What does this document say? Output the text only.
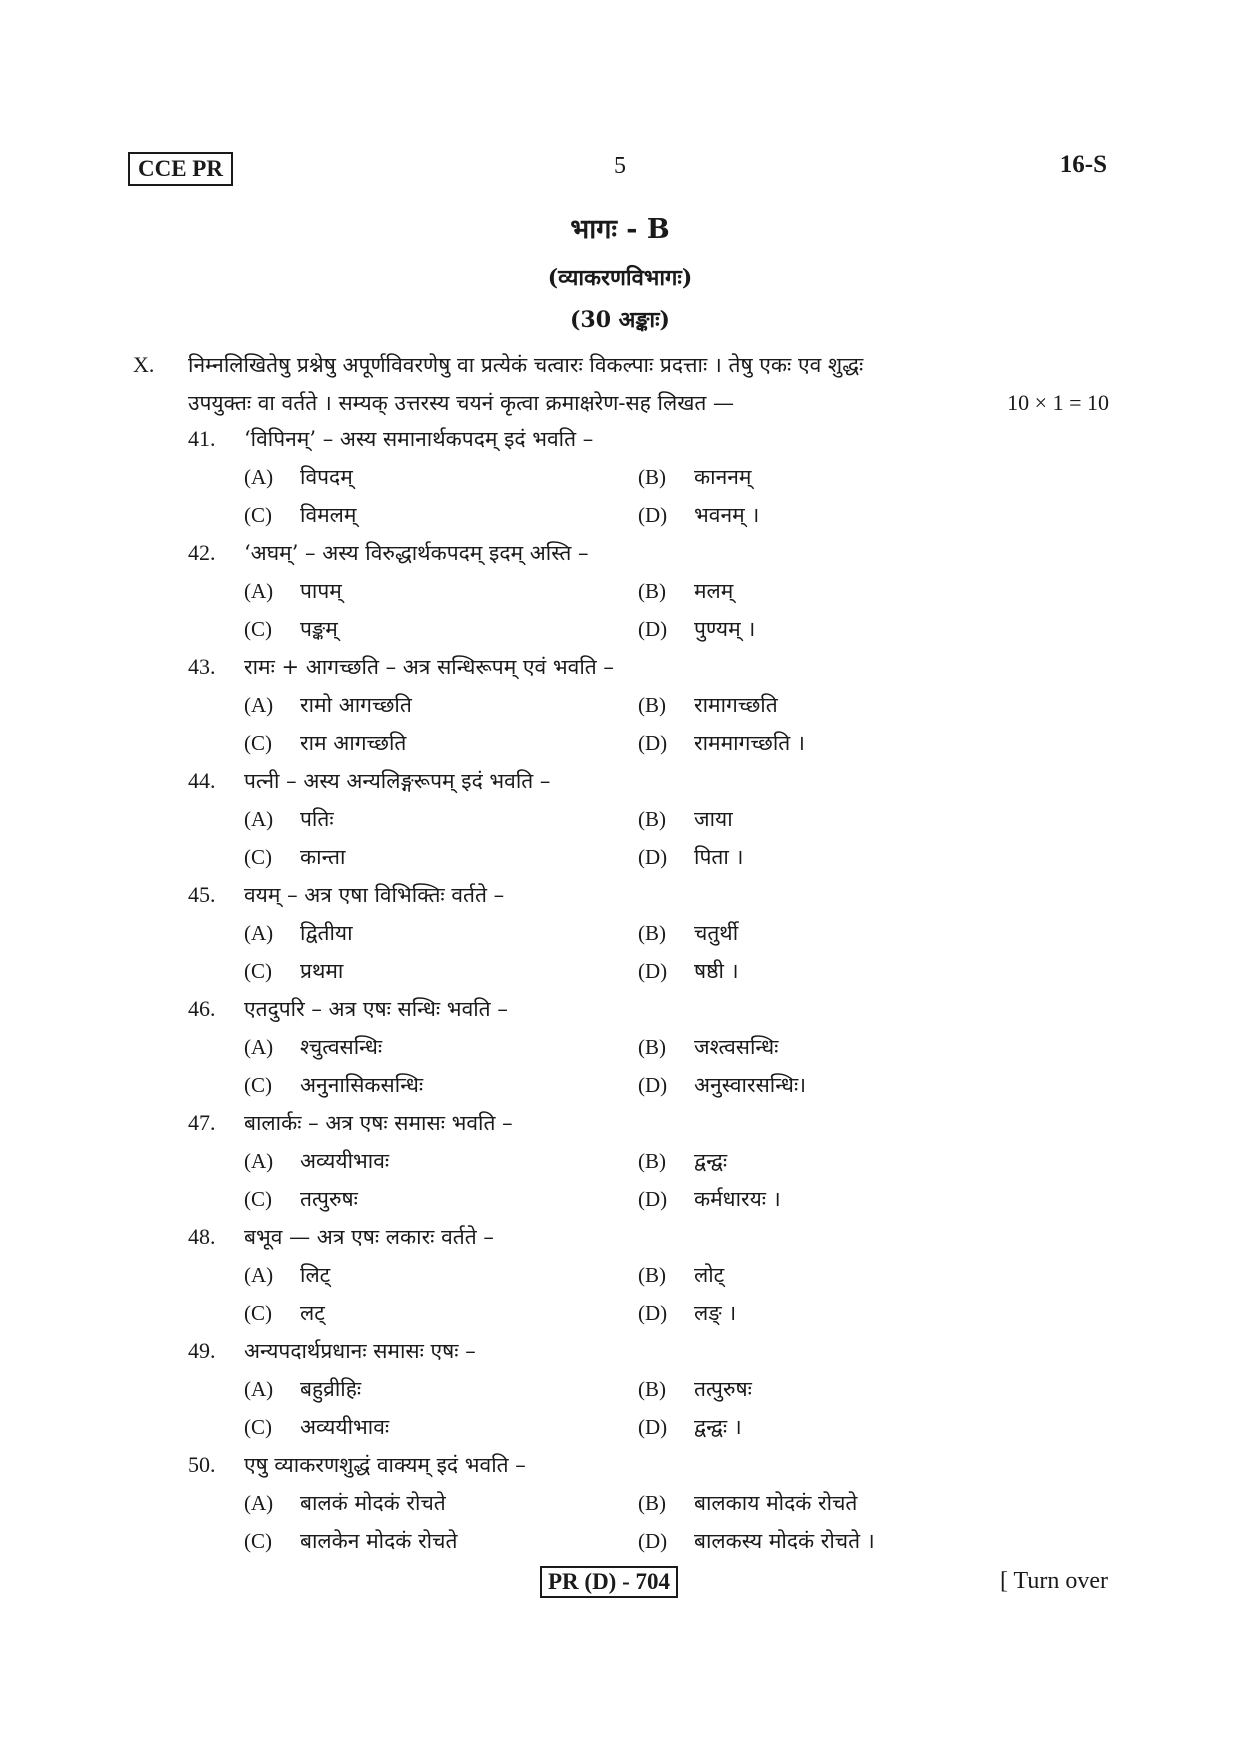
CCE PR	5	16-S
भागः - B
(व्याकरणविभागः)
(30 अङ्काः)
X. निम्नलिखितेषु प्रश्नेषु अपूर्णविवरणेषु वा प्रत्येकं चत्वारः विकल्पाः प्रदत्ताः । तेषु एकः एव शुद्धः
उपयुक्तः वा वर्तते । सम्यक् उत्तरस्य चयनं कृत्वा क्रमाक्षरेण-सह लिखत —	10 × 1 = 10
41. ‘विपिनम्’ – अस्य समानार्थकपदम् इदं भवति –
(A) विपदम्	(B) काननम्
(C) विमलम्	(D) भवनम् ।
42. ‘अघम्’ – अस्य विरुद्धार्थकपदम् इदम् अस्ति –
(A) पापम्	(B) मलम्
(C) पङ्कम्	(D) पुण्यम् ।
43. रामः + आगच्छति – अत्र सन्धिरूपम् एवं भवति –
(A) रामो आगच्छति	(B) रामागच्छति
(C) राम आगच्छति	(D) राममागच्छति ।
44. पत्नी – अस्य अन्यलिङ्गरूपम् इदं भवति –
(A) पतिः	(B) जाया
(C) कान्ता	(D) पिता ।
45. वयम् – अत्र एषा विभिक्तिः वर्तते –
(A) द्वितीया	(B) चतुर्थी
(C) प्रथमा	(D) षष्ठी ।
46. एतदुपरि – अत्र एषः सन्धिः भवति –
(A) श्चुत्वसन्धिः	(B) जश्त्वसन्धिः
(C) अनुनासिकसन्धिः	(D) अनुस्वारसन्धिः।
47. बालार्कः – अत्र एषः समासः भवति –
(A) अव्ययीभावः	(B) द्वन्द्वः
(C) तत्पुरुषः	(D) कर्मधारयः ।
48. बभूव — अत्र एषः लकारः वर्तते –
(A) लिट्	(B) लोट्
(C) लट्	(D) लङ् ।
49. अन्यपदार्थप्रधानः समासः एषः –
(A) बहुव्रीहिः	(B) तत्पुरुषः
(C) अव्ययीभावः	(D) द्वन्द्वः ।
50. एषु व्याकरणशुद्धं वाक्यम् इदं भवति –
(A) बालकं मोदकं रोचते	(B) बालकाय मोदकं रोचते
(C) बालकेन मोदकं रोचते	(D) बालकस्य मोदकं रोचते ।
PR (D) - 704	[ Turn over
